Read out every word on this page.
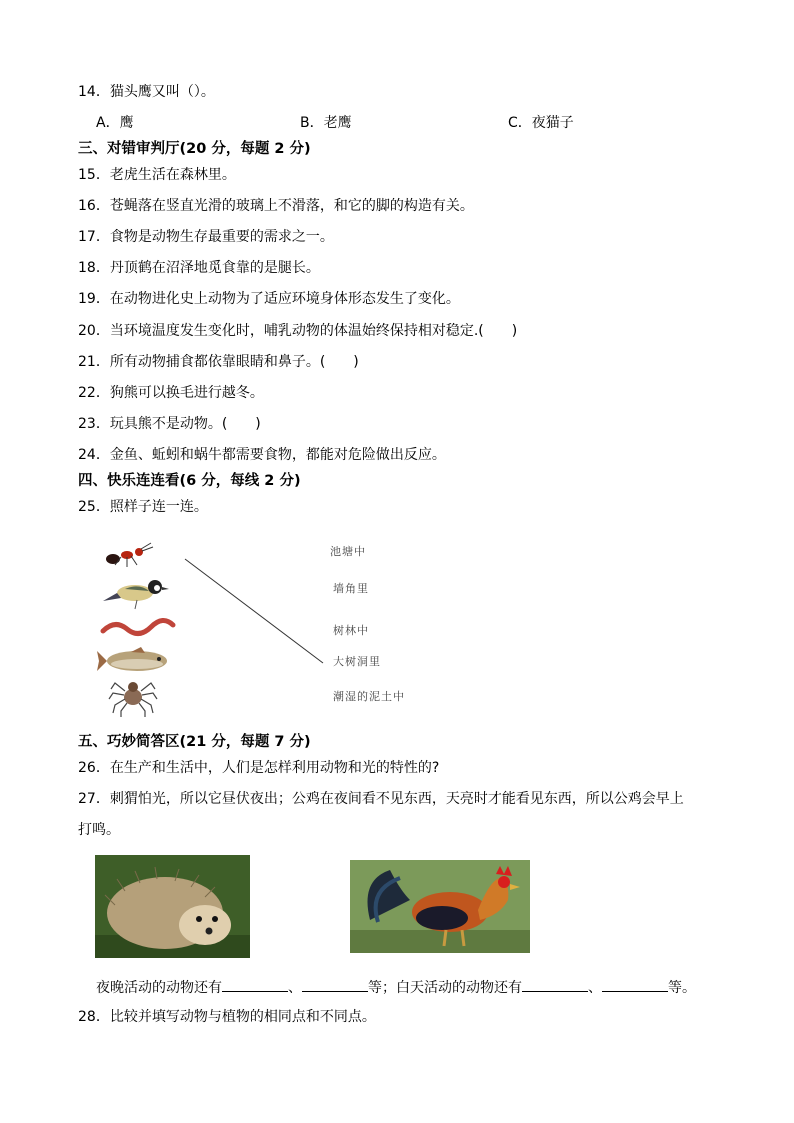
14．猫头鹰又叫（）。
A．鹰	B．老鹰	C．夜猫子
三、对错审判厅(20 分，每题 2 分)
15．老虎生活在森林里。
16．苍蝇落在竖直光滑的玻璃上不滑落，和它的脚的构造有关。
17．食物是动物生存最重要的需求之一。
18．丹顶鹤在沼泽地觅食靠的是腿长。
19．在动物进化史上动物为了适应环境身体形态发生了变化。
20．当环境温度发生变化时，哺乳动物的体温始终保持相对稳定.(　　)
21．所有动物捕食都依靠眼睛和鼻子。(　　)
22．狗熊可以换毛进行越冬。
23．玩具熊不是动物。(　　)
24．金鱼、蚯蚓和蜗牛都需要食物，都能对危险做出反应。
四、快乐连连看(6 分，每线 2 分)
25．照样子连一连。
池塘中
墙角里
树林中
大树洞里
潮湿的泥土中
五、巧妙简答区(21 分，每题 7 分)
26．在生产和生活中，人们是怎样利用动物和光的特性的?
27．刺猬怕光，所以它昼伏夜出；公鸡在夜间看不见东西，天亮时才能看见东西，所以公鸡会早上
打鸣。
夜晚活动的动物还有	、	等；白天活动的动物还有	、	等。
28．比较并填写动物与植物的相同点和不同点。
